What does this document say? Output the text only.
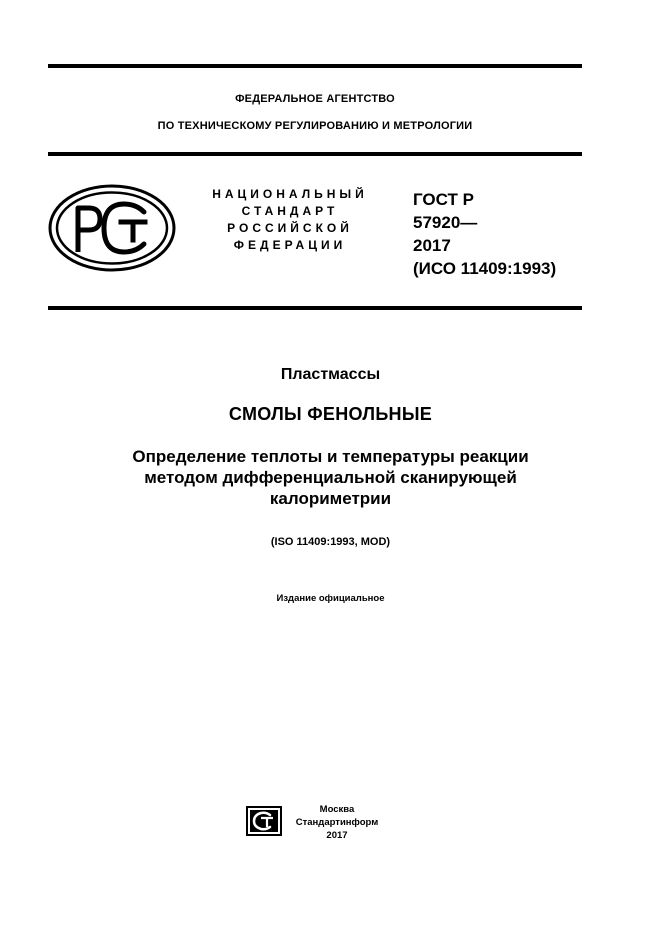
ФЕДЕРАЛЬНОЕ АГЕНТСТВО
ПО ТЕХНИЧЕСКОМУ РЕГУЛИРОВАНИЮ И МЕТРОЛОГИИ
НАЦИОНАЛЬНЫЙ
СТАНДАРТ
РОССИЙСКОЙ
ФЕДЕРАЦИИ
ГОСТ Р
57920—
2017
(ИСО 11409:1993)
Пластмассы
СМОЛЫ ФЕНОЛЬНЫЕ
Определение теплоты и температуры реакции
методом дифференциальной сканирующей
калориметрии
(ISO 11409:1993, MOD)
Издание официальное
Москва
Стандартинформ
2017
